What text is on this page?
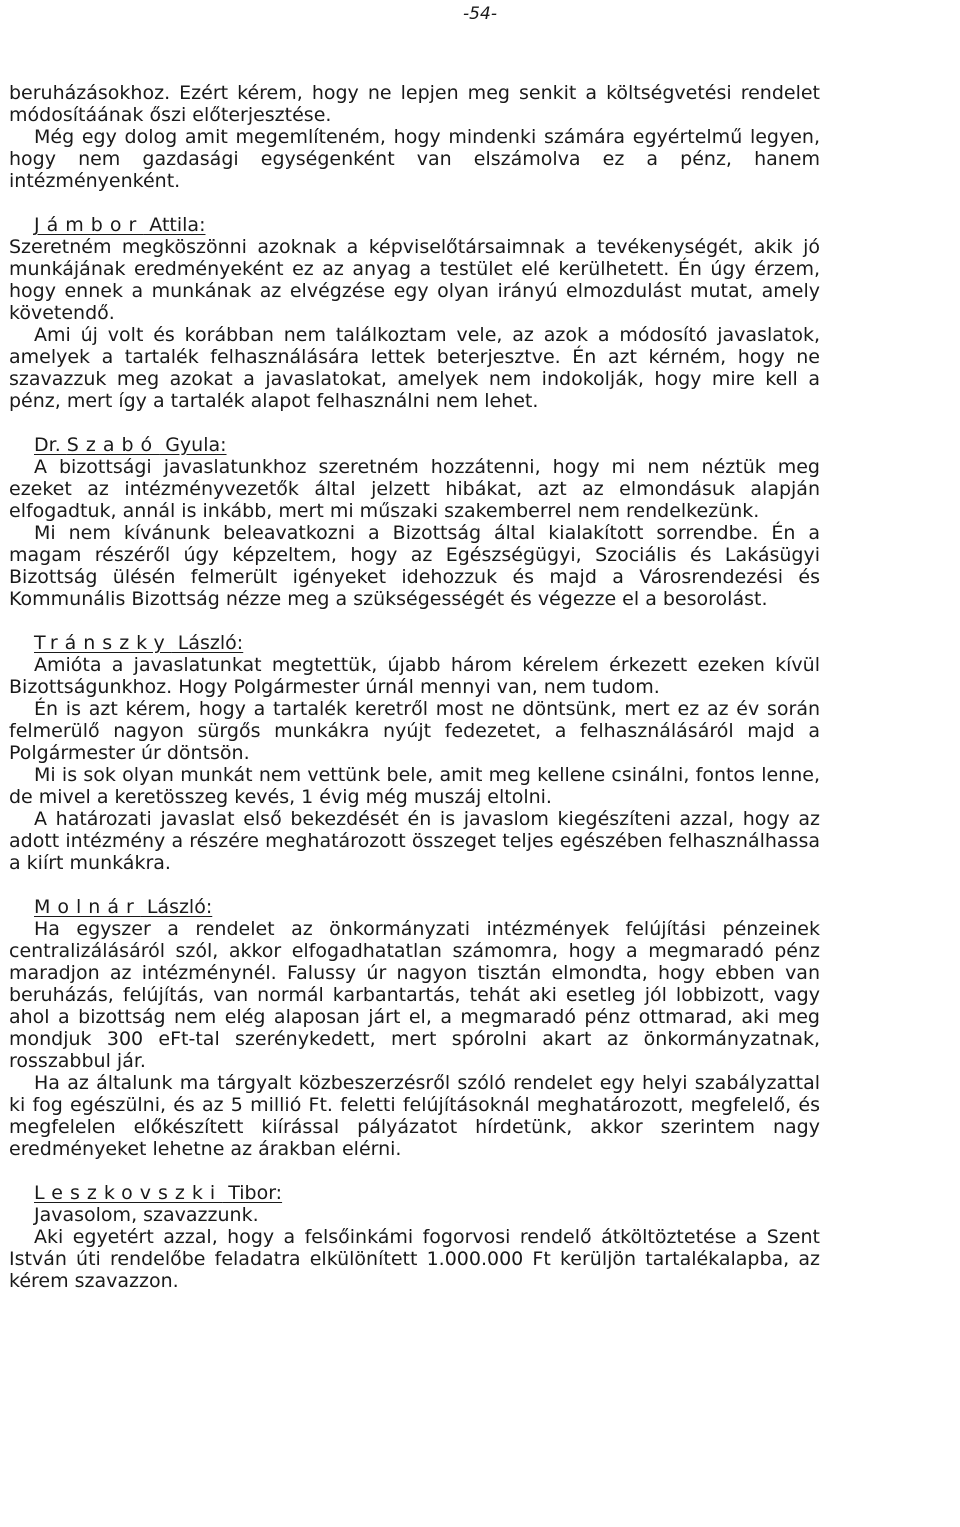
-54-

beruházásokhoz. Ezért kérem, hogy ne lepjen meg senkit a költségvetési rendelet módosítáának őszi előterjesztése.

Még egy dolog amit megemlíteném, hogy mindenki számára egyértelmű legyen, hogy nem gazdasági egységenként van elszámolva ez a pénz, hanem intézményenként.

Jámbor Attila:

Szeretném megköszönni azoknak a képviselőtársaimnak a tevékenységét, akik jó munkájának eredményeként ez az anyag a testület elé kerülhetett. Én úgy érzem, hogy ennek a munkának az elvégzése egy olyan irányú elmozdulást mutat, amely követendő.

Ami új volt és korábban nem találkoztam vele, az azok a módosító javaslatok, amelyek a tartalék felhasználására lettek beterjesztve. Én azt kérném, hogy ne szavazzuk meg azokat a javaslatokat, amelyek nem indokolják, hogy mire kell a pénz, mert így a tartalék alapot felhasználni nem lehet.

Dr. Szabó Gyula:

A bizottsági javaslatunkhoz szeretném hozzátenni, hogy mi nem néztük meg ezeket az intézményvezetők által jelzett hibákat, azt az elmondásuk alapján elfogadtuk, annál is inkább, mert mi műszaki szakemberrel nem rendelkezünk.

Mi nem kívánunk beleavatkozni a Bizottság által kialakított sorrendbe. Én a magam részéről úgy képzeltem, hogy az Egészségügyi, Szociális és Lakásügyi Bizottság ülésén felmerült igényeket idehozzuk és majd a Városrendezési és Kommunális Bizottság nézze meg a szükségességét és végezze el a besorolást.

Tránszky László:

Amióta a javaslatunkat megtettük, újabb három kérelem érkezett ezeken kívül Bizottságunkhoz. Hogy Polgármester úrnál mennyi van, nem tudom.

Én is azt kérem, hogy a tartalék keretről most ne döntsünk, mert ez az év során felmerülő nagyon sürgős munkákra nyújt fedezetet, a felhasználásáról majd a Polgármester úr döntsön.

Mi is sok olyan munkát nem vettünk bele, amit meg kellene csinálni, fontos lenne, de mivel a keretösszeg kevés, 1 évig még muszáj eltolni.

A határozati javaslat első bekezdését én is javaslom kiegészíteni azzal, hogy az adott intézmény a részére meghatározott összeget teljes egészében felhasználhassa a kiírt munkákra.

Molnár László:

Ha egyszer a rendelet az önkormányzati intézmények felújítási pénzeinek centralizálásáról szól, akkor elfogadhatatlan számomra, hogy a megmaradó pénz maradjon az intézménynél. Falussy úr nagyon tisztán elmondta, hogy ebben van beruházás, felújítás, van normál karbantartás, tehát aki esetleg jól lobbizott, vagy ahol a bizottság nem elég alaposan járt el, a megmaradó pénz ottmarad, aki meg mondjuk 300 eFt-tal szerénykedett, mert spórolni akart az önkormányzatnak, rosszabbul jár.

Ha az általunk ma tárgyalt közbeszerzésről szóló rendelet egy helyi szabályzattal ki fog egészülni, és az 5 millió Ft. feletti felújításoknál meghatározott, megfelelő, és megfelelen előkészített kiírással pályázatot hírdetünk, akkor szerintem nagy eredményeket lehetne az árakban elérni.

Leszkovszki Tibor:

Javasolom, szavazzunk.

Aki egyetért azzal, hogy a felsőinkámi fogorvosi rendelő átköltöztetése a Szent István úti rendelőbe feladatra elkülönített 1.000.000 Ft kerüljön tartalékalapba, az kérem szavazzon.
